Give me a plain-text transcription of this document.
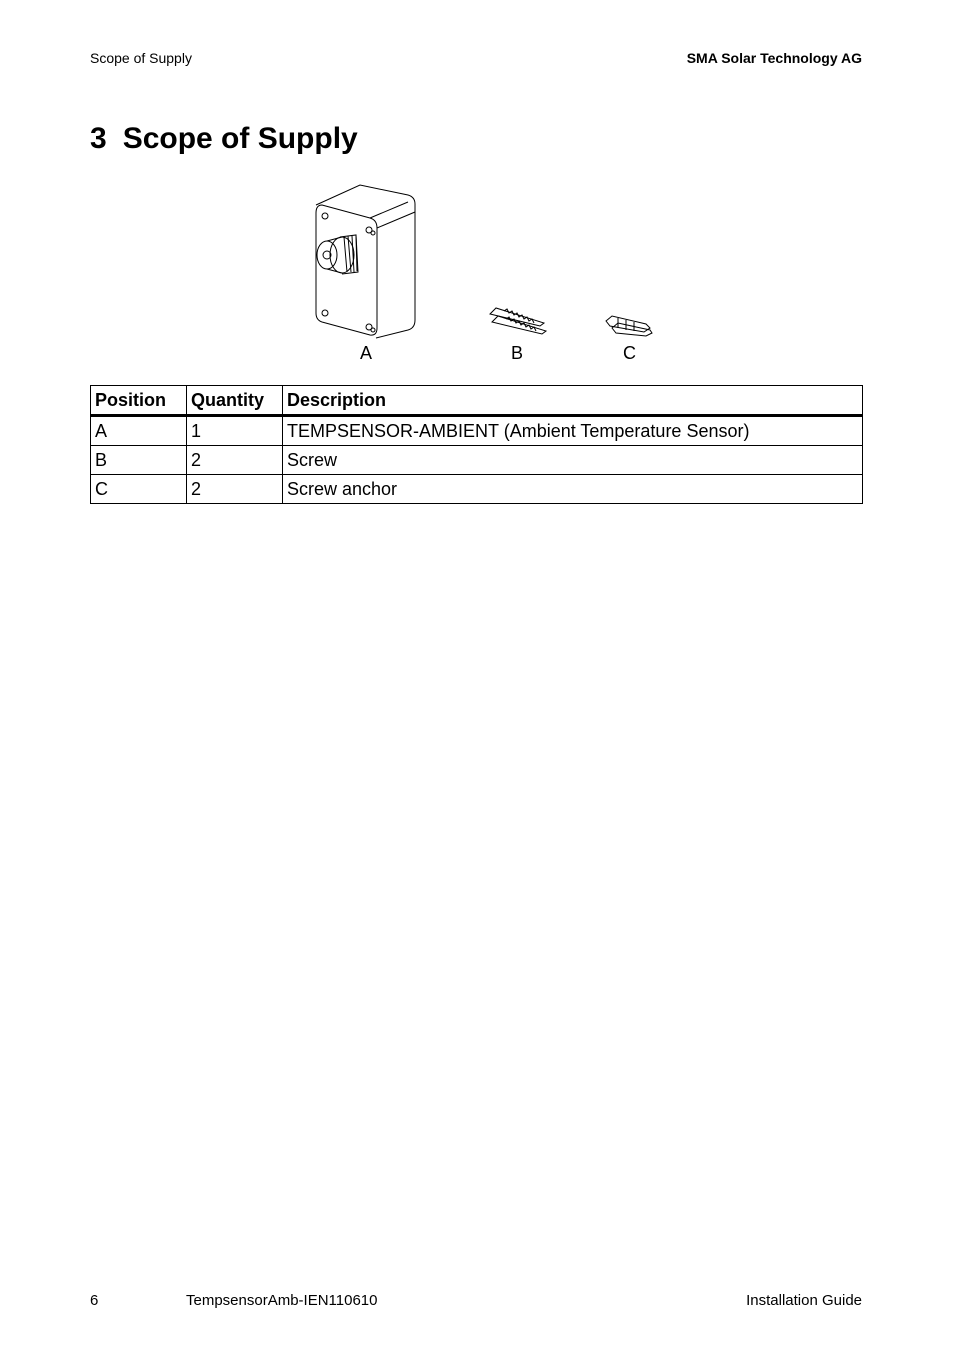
Scope of Supply	SMA Solar Technology AG
3 Scope of Supply
A	B	C
Position	Quantity	Description
A	1	TEMPSENSOR-AMBIENT (Ambient Temperature Sensor)
B	2	Screw
C	2	Screw anchor
6	TempsensorAmb-IEN110610	Installation Guide
